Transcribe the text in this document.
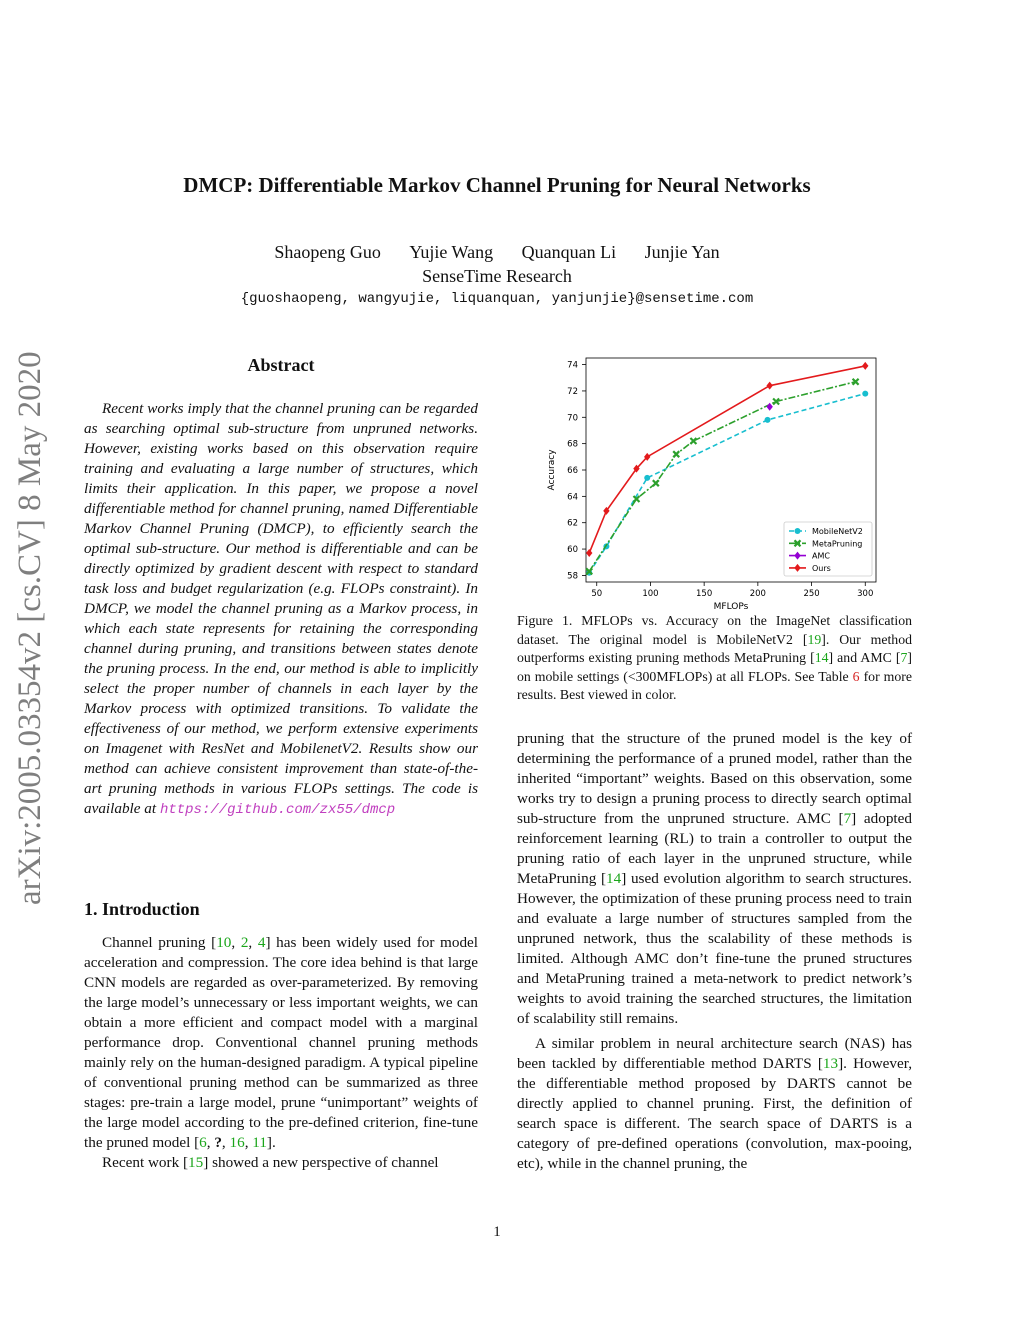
DMCP: Differentiable Markov Channel Pruning for Neural Networks
Shaopeng Guo Yujie Wang Quanquan Li Junjie Yan
SenseTime Research
{guoshaopeng, wangyujie, liquanquan, yanjunjie}@sensetime.com
arXiv:2005.03354v2 [cs.CV] 8 May 2020	Abstract

Recent works imply that the channel pruning can be regarded as searching optimal sub-structure from unpruned networks. However, existing works based on this observation require training and evaluating a large number of structures, which limits their application. In this paper, we propose a novel differentiable method for channel pruning, named Differentiable Markov Channel Pruning (DMCP), to efficiently search the optimal sub-structure. Our method is differentiable and can be directly optimized by gradient descent with respect to standard task loss and budget regularization (e.g. FLOPs constraint). In DMCP, we model the channel pruning as a Markov process, in which each state represents for retaining the corresponding channel during pruning, and transitions between states denote the pruning process. In the end, our method is able to implicitly select the proper number of channels in each layer by the Markov process with optimized transitions. To validate the effectiveness of our method, we perform extensive experiments on Imagenet with ResNet and MobilenetV2. Results show our method can achieve consistent improvement than state-of-the-art pruning methods in various FLOPs settings. The code is available at https://github.com/zx55/dmcp

1. Introduction

Channel pruning [10, 2, 4] has been widely used for model acceleration and compression. The core idea behind is that large CNN models are regarded as over-parameterized. By removing the large model’s unnecessary or less important weights, we can obtain a more efficient and compact model with a marginal performance drop. Conventional channel pruning methods mainly rely on the human-designed paradigm. A typical pipeline of conventional pruning method can be summarized as three stages: pre-train a large model, prune “unimportant” weights of the large model according to the pre-defined criterion, fine-tune the pruned model [6, ?, 16, 11].

Recent work [15] showed a new perspective of channel

50	100	150	200	250	300
58
60
62
64
66
68
70
72
74
MFLOPs
Accuracy
MobileNetV2
MetaPruning
AMC
Ours
Figure 1. MFLOPs vs. Accuracy on the ImageNet classification dataset. The original model is MobileNetV2 [19]. Our method outperforms existing pruning methods MetaPruning [14] and AMC [7] on mobile settings (<300MFLOPs) at all FLOPs. See Table 6 for more results. Best viewed in color.

pruning that the structure of the pruned model is the key of determining the performance of a pruned model, rather than the inherited “important” weights. Based on this observation, some works try to design a pruning process to directly search optimal sub-structure from the unpruned structure. AMC [7] adopted reinforcement learning (RL) to train a controller to output the pruning ratio of each layer in the unpruned structure, while MetaPruning [14] used evolution algorithm to search structures. However, the optimization of these pruning process need to train and evaluate a large number of structures sampled from the unpruned network, thus the scalability of these methods is limited. Although AMC don’t fine-tune the pruned structures and MetaPruning trained a meta-network to predict network’s weights to avoid training the searched structures, the limitation of scalability still remains.

A similar problem in neural architecture search (NAS) has been tackled by differentiable method DARTS [13]. However, the differentiable method proposed by DARTS cannot be directly applied to channel pruning. First, the definition of search space is different. The search space of DARTS is a category of pre-defined operations (convolution, max-pooing, etc), while in the channel pruning, the

1
